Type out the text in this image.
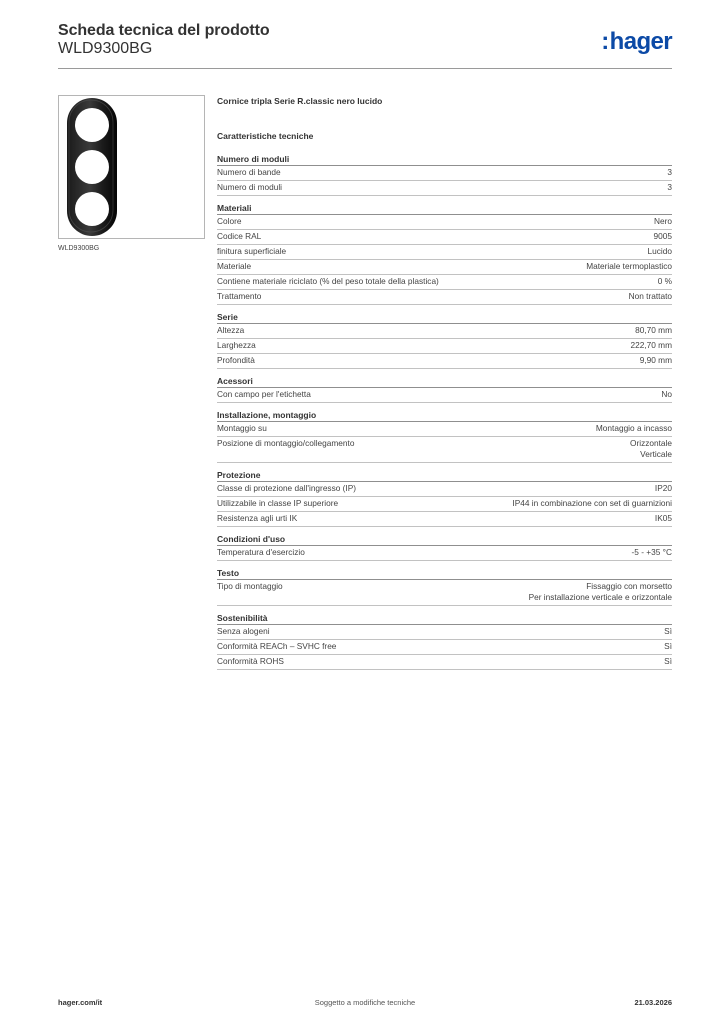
Scheda tecnica del prodotto
WLD9300BG	:hager
WLD9300BG
Cornice tripla Serie R.classic nero lucido
Caratteristiche tecniche
Numero di moduli
Numero di bande	3
Numero di moduli	3
Materiali
Colore	Nero
Codice RAL	9005
finitura superficiale	Lucido
Materiale	Materiale termoplastico
Contiene materiale riciclato (% del peso totale della plastica)	0 %
Trattamento	Non trattato
Serie
Altezza	80,70 mm
Larghezza	222,70 mm
Profondità	9,90 mm
Acessori
Con campo per l'etichetta	No
Installazione, montaggio
Montaggio su	Montaggio a incasso
Posizione di montaggio/collegamento	Orizzontale
Verticale
Protezione
Classe di protezione dall'ingresso (IP)	IP20
Utilizzabile in classe IP superiore	IP44 in combinazione con set di guarnizioni
Resistenza agli urti IK	IK05
Condizioni d'uso
Temperatura d'esercizio	-5 - +35 °C
Testo
Tipo di montaggio	Fissaggio con morsetto
Per installazione verticale e orizzontale
Sostenibilità
Senza alogeni	Sì
Conformità REACh – SVHC free	Sì
Conformità ROHS	Sì
Soggetto a modifiche tecniche
hager.com/it	21.03.2026
